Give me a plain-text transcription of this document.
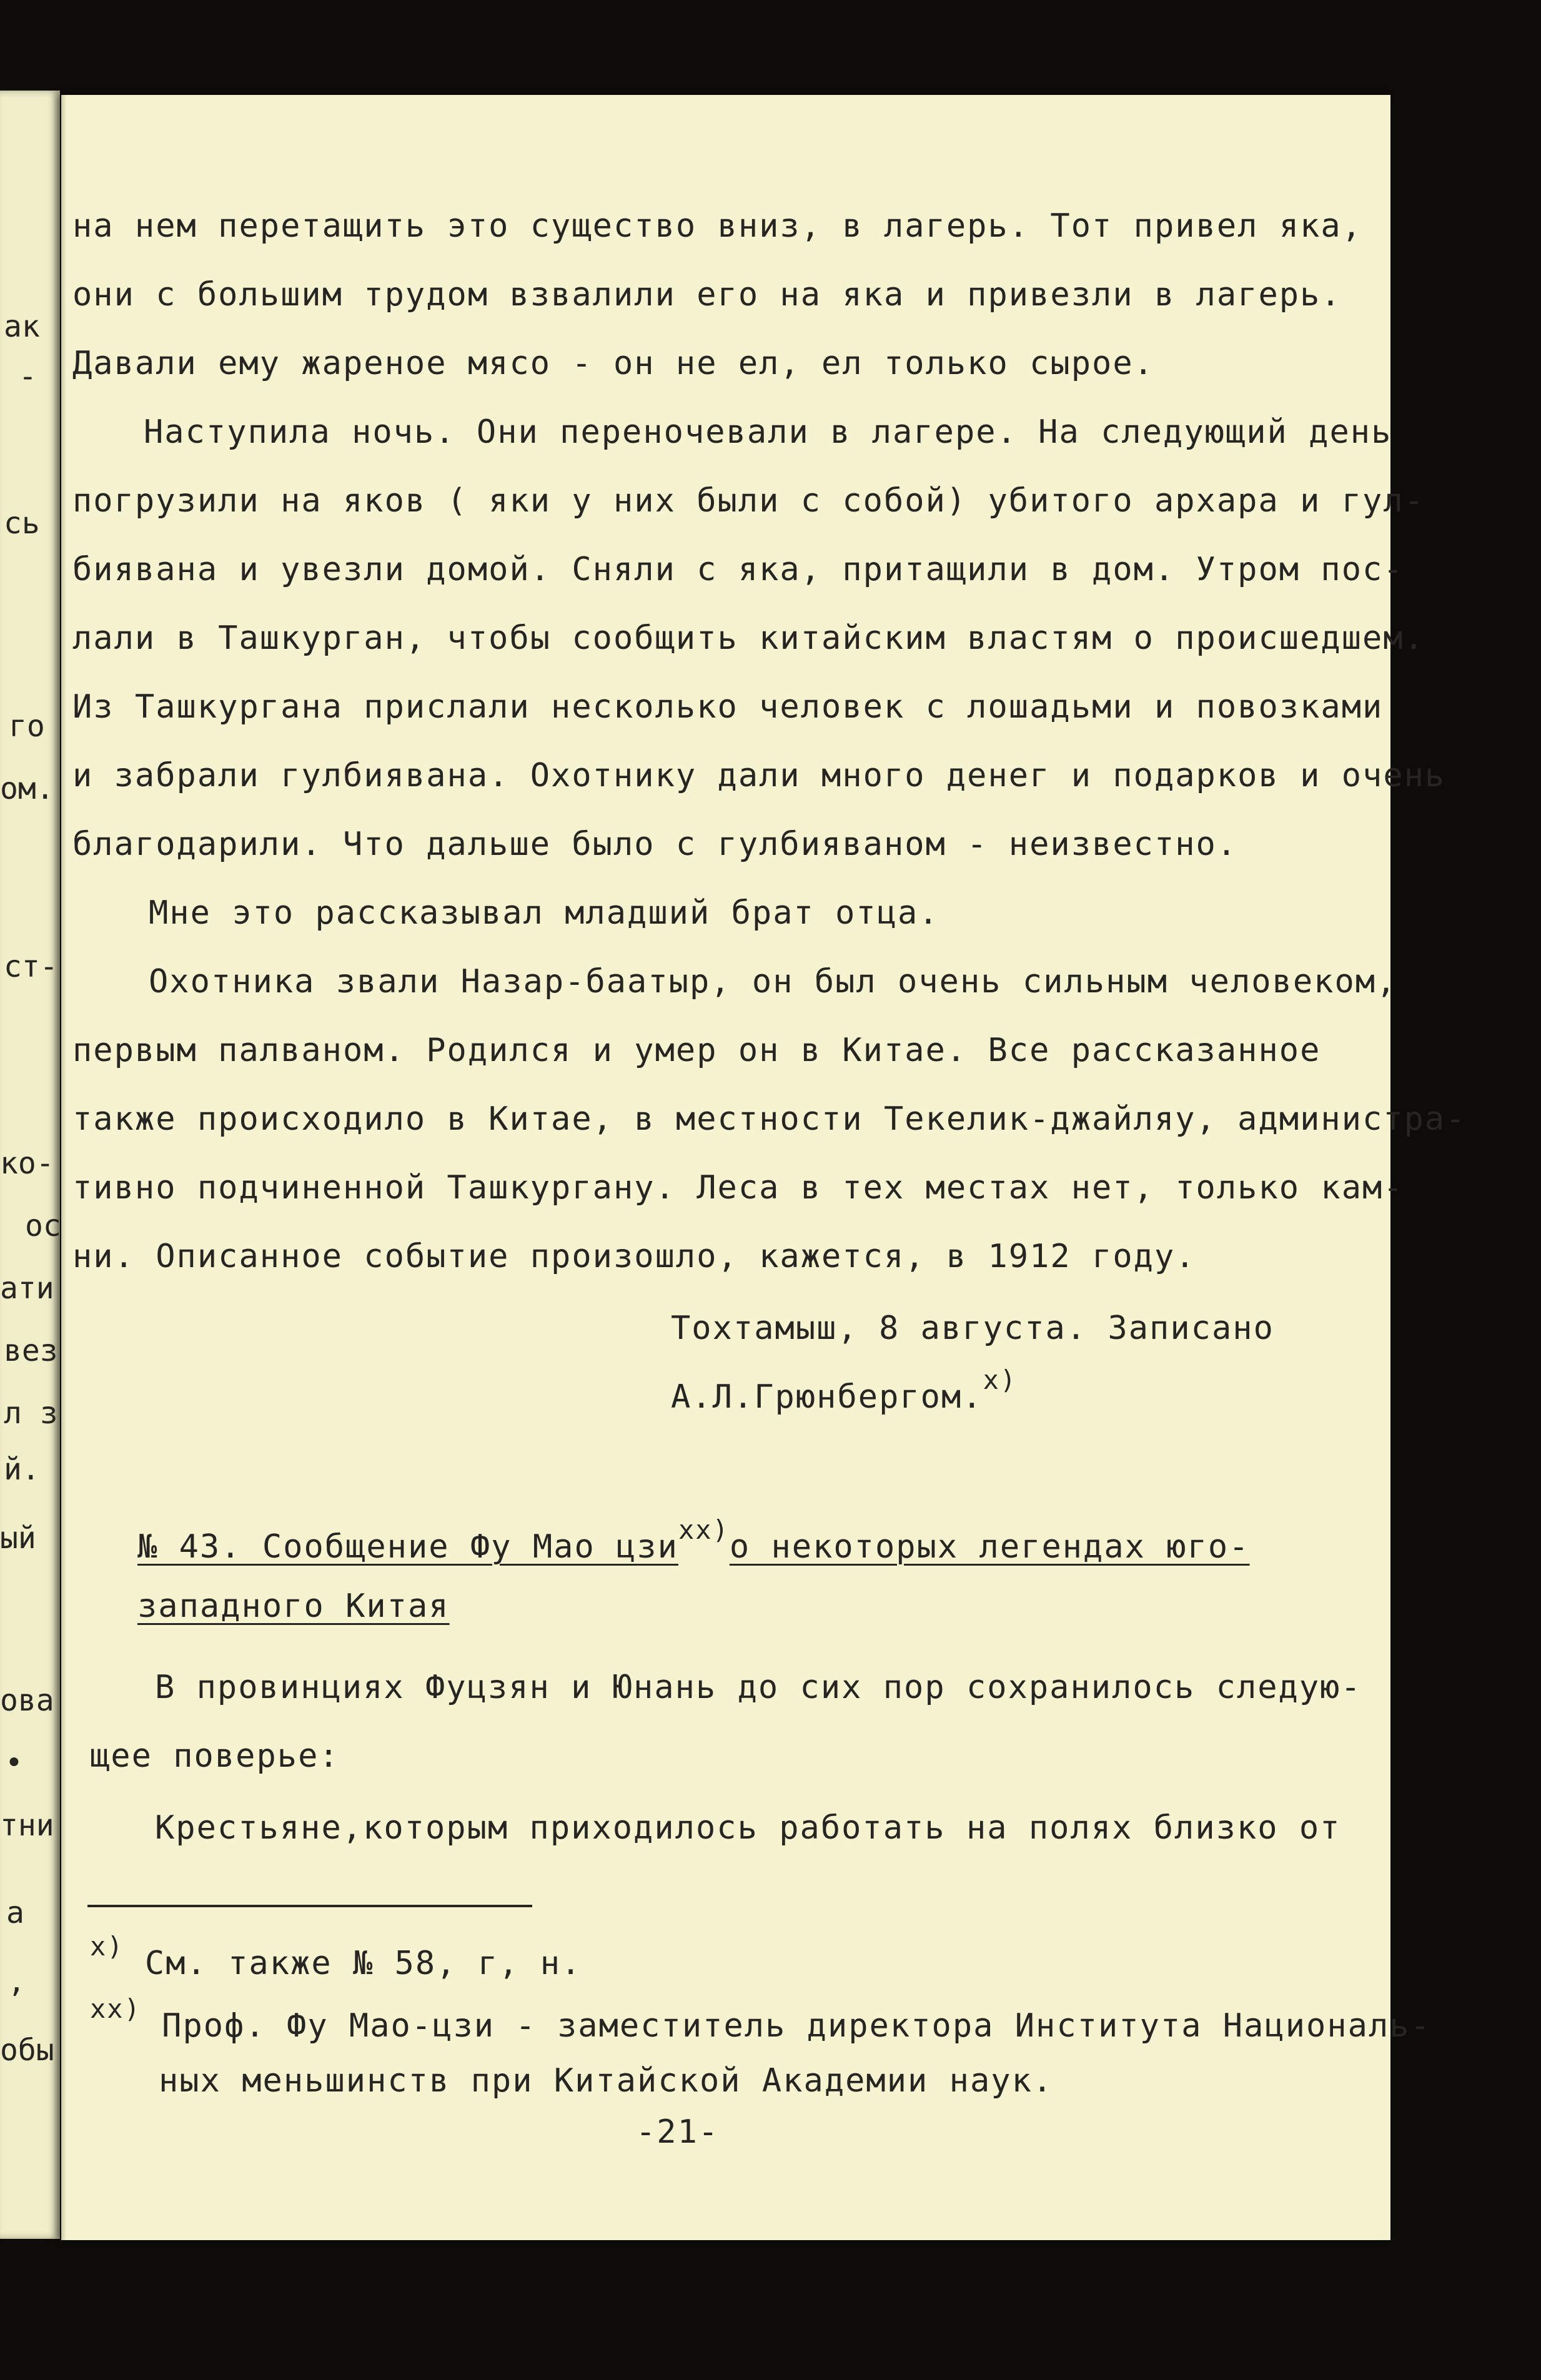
ак
-
сь
го
ом.
ст-
ко-
ос
ати
вез
л з
й.
ый
ова
•
тни
а
,
обы
на нем перетащить это существо вниз, в лагерь. Тот привел яка,
они с большим трудом взвалили его на яка и привезли в лагерь.
Давали ему жареное мясо - он не ел, ел только сырое.
Наступила ночь. Они переночевали в лагере. На следующий день
погрузили на яков ( яки у них были с собой) убитого архара и гул-
биявана и увезли домой. Сняли с яка, притащили в дом. Утром пос-
лали в Ташкурган, чтобы сообщить китайским властям о происшедшем.
Из Ташкургана прислали несколько человек с лошадьми и повозками
и забрали гулбиявана. Охотнику дали много денег и подарков и очень
благодарили. Что дальше было с гулбияваном - неизвестно.
Мне это рассказывал младший брат отца.
Охотника звали Назар-баатыр, он был очень сильным человеком,
первым палваном. Родился и умер он в Китае. Все рассказанное
также происходило в Китае, в местности Текелик-джайляу, администра-
тивно подчиненной Ташкургану. Леса в тех местах нет, только кам-
ни. Описанное событие произошло, кажется, в 1912 году.
Тохтамыш, 8 августа. Записано
А.Л.Грюнбергом.$^{х)}$
№ 43. Сообщение Фу Мао цзи$^{хх)}$о некоторых легендах юго-
западного Китая
В провинциях Фуцзян и Юнань до сих пор сохранилось следую-
щее поверье:
Крестьяне,которым приходилось работать на полях близко от
$^{х)}$ См. также № 58, г, н.
$^{хх)}$ Проф. Фу Мао-цзи - заместитель директора Института Националь-
ных меньшинств при Китайской Академии наук.
-21-
